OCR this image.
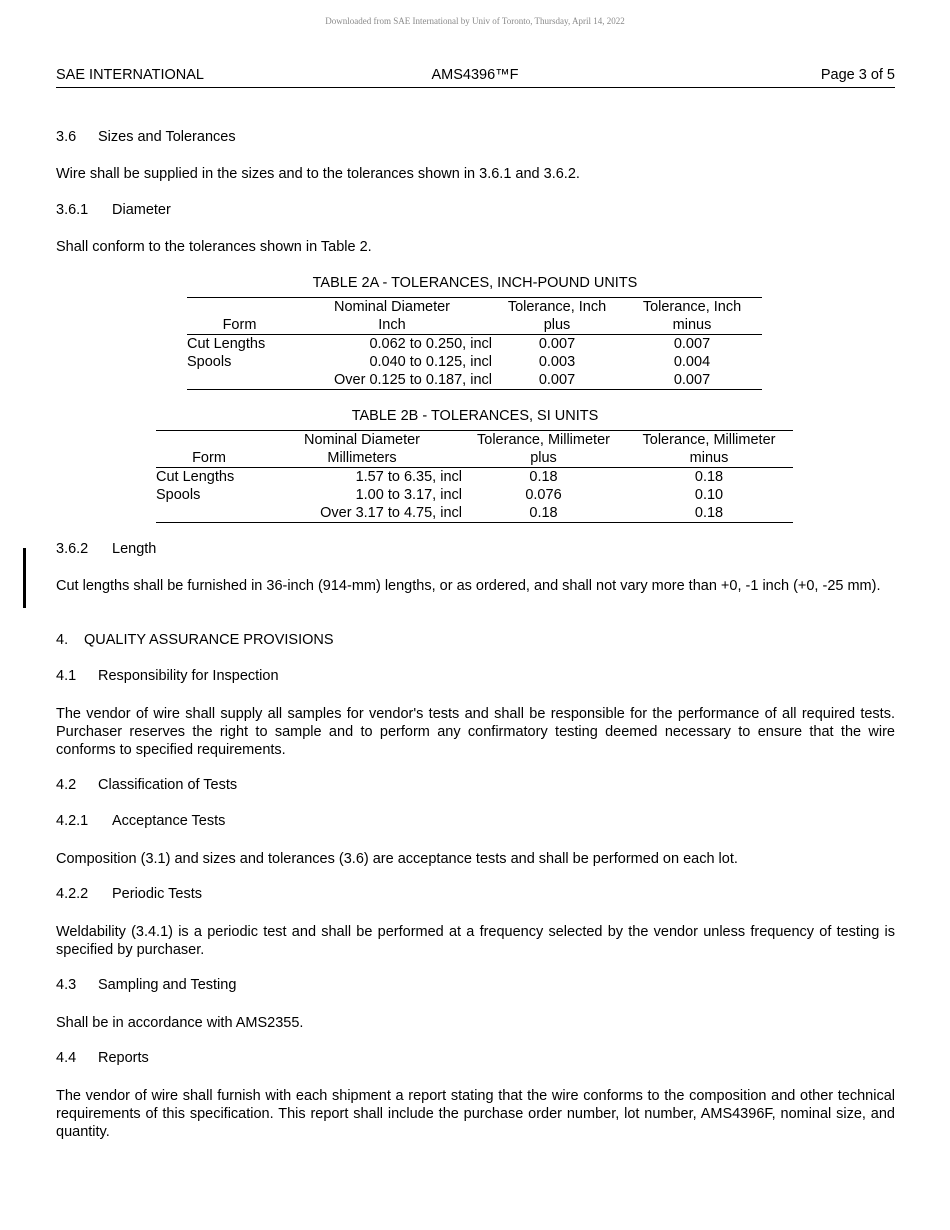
Downloaded from SAE International by Univ of Toronto, Thursday, April 14, 2022
SAE INTERNATIONAL	AMS4396™F	Page 3 of 5
3.6 Sizes and Tolerances
Wire shall be supplied in the sizes and to the tolerances shown in 3.6.1 and 3.6.2.
3.6.1 Diameter
Shall conform to the tolerances shown in Table 2.
TABLE 2A - TOLERANCES, INCH-POUND UNITS
	Nominal Diameter	Tolerance, Inch	Tolerance, Inch
Form	Inch	plus	minus
Cut Lengths	0.062 to 0.250, incl	0.007	0.007
Spools	0.040 to 0.125, incl	0.003	0.004
	Over 0.125 to 0.187, incl	0.007	0.007
TABLE 2B - TOLERANCES, SI UNITS
	Nominal Diameter	Tolerance, Millimeter	Tolerance, Millimeter
Form	Millimeters	plus	minus
Cut Lengths	1.57 to 6.35, incl	0.18	0.18
Spools	1.00 to 3.17, incl	0.076	0.10
	Over 3.17 to 4.75, incl	0.18	0.18
3.6.2 Length
Cut lengths shall be furnished in 36-inch (914-mm) lengths, or as ordered, and shall not vary more than +0, -1 inch (+0, -25 mm).
4. QUALITY ASSURANCE PROVISIONS
4.1 Responsibility for Inspection
The vendor of wire shall supply all samples for vendor's tests and shall be responsible for the performance of all required tests. Purchaser reserves the right to sample and to perform any confirmatory testing deemed necessary to ensure that the wire conforms to specified requirements.
4.2 Classification of Tests
4.2.1 Acceptance Tests
Composition (3.1) and sizes and tolerances (3.6) are acceptance tests and shall be performed on each lot.
4.2.2 Periodic Tests
Weldability (3.4.1) is a periodic test and shall be performed at a frequency selected by the vendor unless frequency of testing is specified by purchaser.
4.3 Sampling and Testing
Shall be in accordance with AMS2355.
4.4 Reports
The vendor of wire shall furnish with each shipment a report stating that the wire conforms to the composition and other technical requirements of this specification. This report shall include the purchase order number, lot number, AMS4396F, nominal size, and quantity.
